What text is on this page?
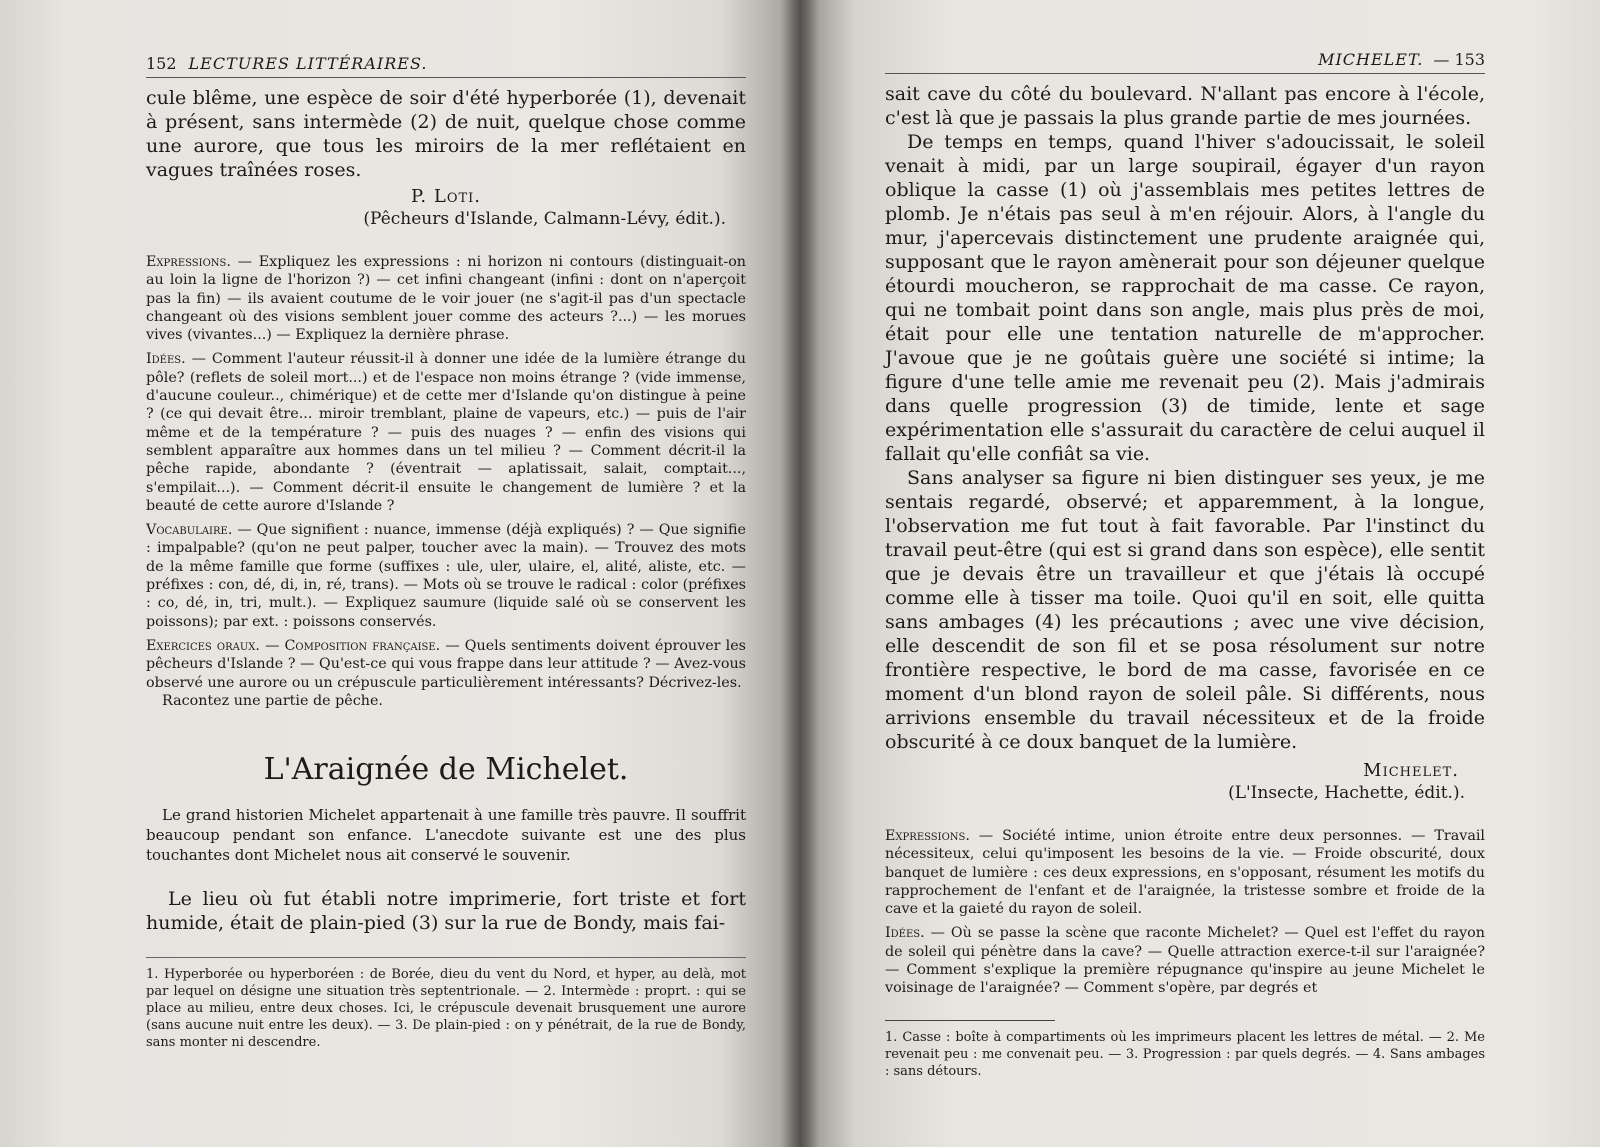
152 LECTURES LITTÉRAIRES.

cule blême, une espèce de soir d'été hyperborée (1), devenait à présent, sans intermède (2) de nuit, quelque chose comme une aurore, que tous les miroirs de la mer reflétaient en vagues traînées roses.

P. Loti.

(Pêcheurs d'Islande, Calmann-Lévy, édit.).

Expressions. — Expliquez les expressions : ni horizon ni contours (distinguait-on au loin la ligne de l'horizon ?) — cet infini changeant (infini : dont on n'aperçoit pas la fin) — ils avaient coutume de le voir jouer (ne s'agit-il pas d'un spectacle changeant où des visions semblent jouer comme des acteurs ?...) — les morues vives (vivantes...) — Expliquez la dernière phrase.

Idées. — Comment l'auteur réussit-il à donner une idée de la lumière étrange du pôle? (reflets de soleil mort...) et de l'espace non moins étrange ? (vide immense, d'aucune couleur.., chimérique) et de cette mer d'Islande qu'on distingue à peine ? (ce qui devait être... miroir tremblant, plaine de vapeurs, etc.) — puis de l'air même et de la température ? — puis des nuages ? — enfin des visions qui semblent apparaître aux hommes dans un tel milieu ? — Comment décrit-il la pêche rapide, abondante ? (éventrait — aplatissait, salait, comptait..., s'empilait...). — Comment décrit-il ensuite le changement de lumière ? et la beauté de cette aurore d'Islande ?

Vocabulaire. — Que signifient : nuance, immense (déjà expliqués) ? — Que signifie : impalpable? (qu'on ne peut palper, toucher avec la main). — Trouvez des mots de la même famille que forme (suffixes : ule, uler, ulaire, el, alité, aliste, etc. — préfixes : con, dé, di, in, ré, trans). — Mots où se trouve le radical : color (préfixes : co, dé, in, tri, mult.). — Expliquez saumure (liquide salé où se conservent les poissons); par ext. : poissons conservés.

Exercices oraux. — Composition française. — Quels sentiments doivent éprouver les pêcheurs d'Islande ? — Qu'est-ce qui vous frappe dans leur attitude ? — Avez-vous observé une aurore ou un crépuscule particulièrement intéressants? Décrivez-les.

Racontez une partie de pêche.

L'Araignée de Michelet.

Le grand historien Michelet appartenait à une famille très pauvre. Il souffrit beaucoup pendant son enfance. L'anecdote suivante est une des plus touchantes dont Michelet nous ait conservé le souvenir.

Le lieu où fut établi notre imprimerie, fort triste et fort humide, était de plain-pied (3) sur la rue de Bondy, mais fai-

1. Hyperborée ou hyperboréen : de Borée, dieu du vent du Nord, et hyper, au delà, mot par lequel on désigne une situation très septentrionale. — 2. Intermède : proprt. : qui se place au milieu, entre deux choses. Ici, le crépuscule devenait brusquement une aurore (sans aucune nuit entre les deux). — 3. De plain-pied : on y pénétrait, de la rue de Bondy, sans monter ni descendre.

MICHELET. — 153

sait cave du côté du boulevard. N'allant pas encore à l'école, c'est là que je passais la plus grande partie de mes journées.

De temps en temps, quand l'hiver s'adoucissait, le soleil venait à midi, par un large soupirail, égayer d'un rayon oblique la casse (1) où j'assemblais mes petites lettres de plomb. Je n'étais pas seul à m'en réjouir. Alors, à l'angle du mur, j'apercevais distinctement une prudente araignée qui, supposant que le rayon amènerait pour son déjeuner quelque étourdi moucheron, se rapprochait de ma casse. Ce rayon, qui ne tombait point dans son angle, mais plus près de moi, était pour elle une tentation naturelle de m'approcher. J'avoue que je ne goûtais guère une société si intime; la figure d'une telle amie me revenait peu (2). Mais j'admirais dans quelle progression (3) de timide, lente et sage expérimentation elle s'assurait du caractère de celui auquel il fallait qu'elle confiât sa vie.

Sans analyser sa figure ni bien distinguer ses yeux, je me sentais regardé, observé; et apparemment, à la longue, l'observation me fut tout à fait favorable. Par l'instinct du travail peut-être (qui est si grand dans son espèce), elle sentit que je devais être un travailleur et que j'étais là occupé comme elle à tisser ma toile. Quoi qu'il en soit, elle quitta sans ambages (4) les précautions ; avec une vive décision, elle descendit de son fil et se posa résolument sur notre frontière respective, le bord de ma casse, favorisée en ce moment d'un blond rayon de soleil pâle. Si différents, nous arrivions ensemble du travail nécessiteux et de la froide obscurité à ce doux banquet de la lumière.

Michelet.

(L'Insecte, Hachette, édit.).

Expressions. — Société intime, union étroite entre deux personnes. — Travail nécessiteux, celui qu'imposent les besoins de la vie. — Froide obscurité, doux banquet de lumière : ces deux expressions, en s'opposant, résument les motifs du rapprochement de l'enfant et de l'araignée, la tristesse sombre et froide de la cave et la gaieté du rayon de soleil.

Idées. — Où se passe la scène que raconte Michelet? — Quel est l'effet du rayon de soleil qui pénètre dans la cave? — Quelle attraction exerce-t-il sur l'araignée? — Comment s'explique la première répugnance qu'inspire au jeune Michelet le voisinage de l'araignée? — Comment s'opère, par degrés et

1. Casse : boîte à compartiments où les imprimeurs placent les lettres de métal. — 2. Me revenait peu : me convenait peu. — 3. Progression : par quels degrés. — 4. Sans ambages : sans détours.
